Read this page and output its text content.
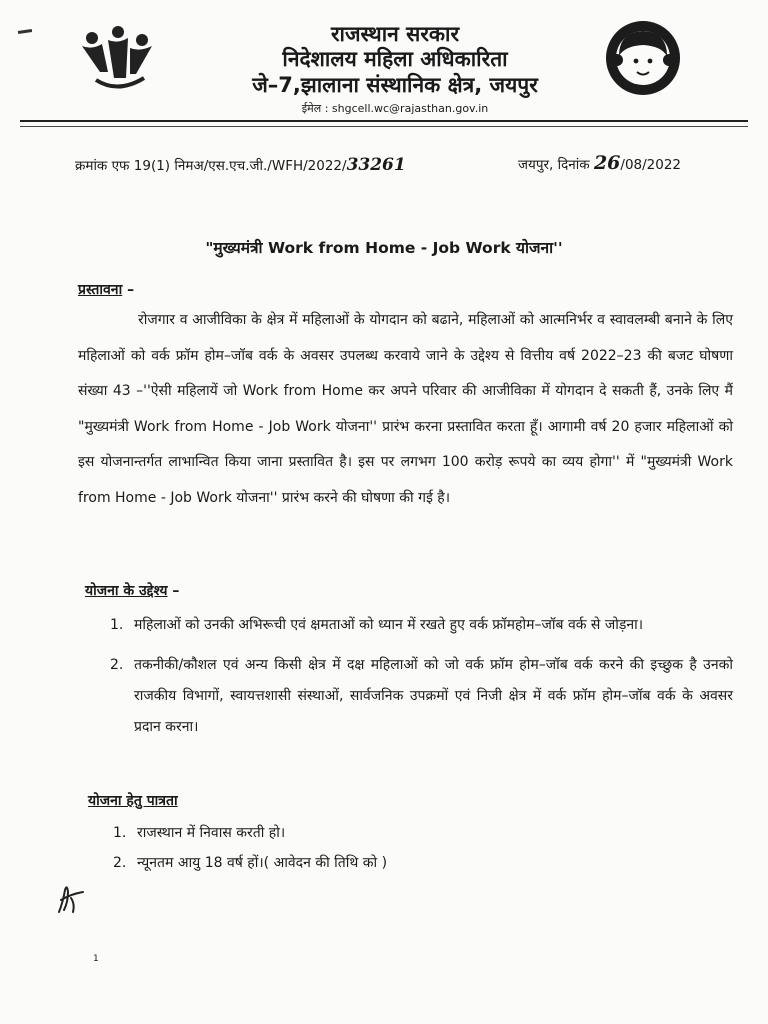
राजस्थान सरकार
निदेशालय महिला अधिकारिता
जे–7,झालाना संस्थानिक क्षेत्र, जयपुर
ईमेल : shgcell.wc@rajasthan.gov.in
क्रमांक एफ 19(1) निमअ/एस.एच.जी./WFH/2022/33261	जयपुर, दिनांक 26/08/2022
"मुख्यमंत्री Work from Home - Job Work योजना''
प्रस्तावना –
रोजगार व आजीविका के क्षेत्र में महिलाओं के योगदान को बढाने, महिलाओं को आत्मनिर्भर व स्वावलम्बी बनाने के लिए महिलाओं को वर्क फ्रॉम होम–जॉब वर्क के अवसर उपलब्ध करवाये जाने के उद्देश्य से वित्तीय वर्ष 2022–23 की बजट घोषणा संख्या 43 –''ऐसी महिलायें जो Work from Home कर अपने परिवार की आजीविका में योगदान दे सकती हैं, उनके लिए मैं "मुख्यमंत्री Work from Home - Job Work योजना'' प्रारंभ करना प्रस्तावित करता हूँ। आगामी वर्ष 20 हजार महिलाओं को इस योजनान्तर्गत लाभान्वित किया जाना प्रस्तावित है। इस पर लगभग 100 करोड़ रूपये का व्यय होगा'' में "मुख्यमंत्री Work from Home - Job Work योजना'' प्रारंभ करने की घोषणा की गई है।
योजना के उद्देश्य –
1. महिलाओं को उनकी अभिरूची एवं क्षमताओं को ध्यान में रखते हुए वर्क फ्रॉमहोम–जॉब वर्क से जोड़ना।
2. तकनीकी/कौशल एवं अन्य किसी क्षेत्र में दक्ष महिलाओं को जो वर्क फ्रॉम होम–जॉब वर्क करने की इच्छुक है उनको राजकीय विभागों, स्वायत्तशासी संस्थाओं, सार्वजनिक उपक्रमों एवं निजी क्षेत्र में वर्क फ्रॉम होम–जॉब वर्क के अवसर प्रदान करना।
योजना हेतु पात्रता
1. राजस्थान में निवास करती हो।
2. न्यूनतम आयु 18 वर्ष हों।( आवेदन की तिथि को )
1
